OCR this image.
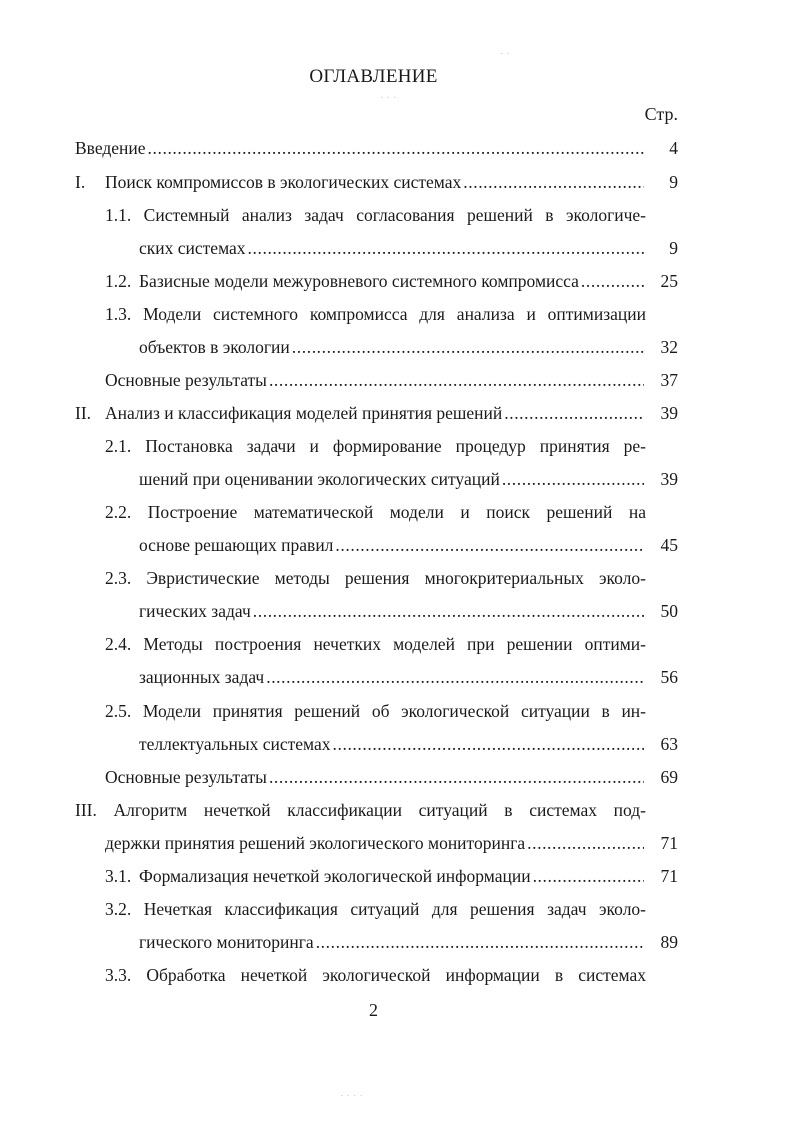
ОГЛАВЛЕНИЕ
Стр.
Введение .....	4
I.	Поиск компромиссов в экологических системах .....	9
1.1. Системный анализ задач согласования решений в экологиче-
ских системах .....	9
1.2. Базисные модели межуровневого системного компромисса .....	25
1.3. Модели системного компромисса для анализа и оптимизации
объектов в экологии .....	32
Основные результаты .....	37
II. Анализ и классификация моделей принятия решений .....	39
2.1. Постановка задачи и формирование процедур принятия ре-
шений при оценивании экологических ситуаций .....	39
2.2. Построение математической модели и поиск решений на
основе решающих правил .....	45
2.3. Эвристические методы решения многокритериальных эколо-
гических задач .....	50
2.4. Методы построения нечетких моделей при решении оптими-
зационных задач .....	56
2.5. Модели принятия решений об экологической ситуации в ин-
теллектуальных системах .....	63
Основные результаты .....	69
III. Алгоритм нечеткой классификации ситуаций в системах под-
держки принятия решений экологического мониторинга .....	71
3.1. Формализация нечеткой экологической информации .....	71
3.2. Нечеткая классификация ситуаций для решения задач эколо-
гического мониторинга .....	89
3.3. Обработка нечеткой экологической информации в системах
2
· ·
· · ·
· · · ·
